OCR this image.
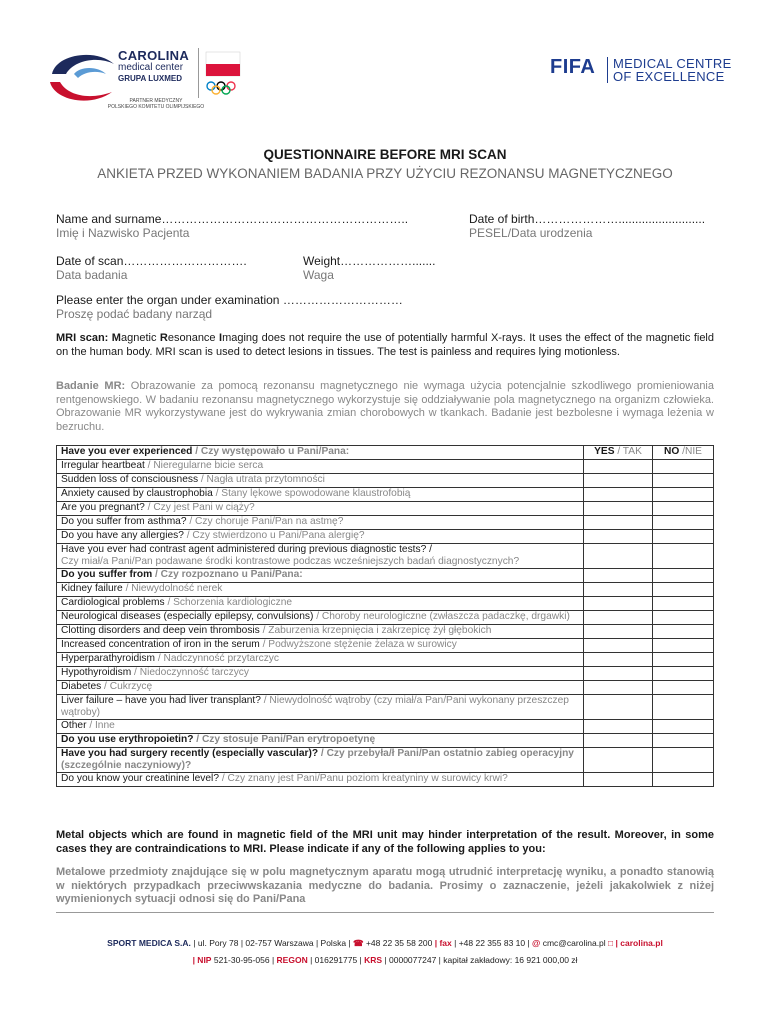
CAROLINA
medical center
GRUPA LUXMED
PARTNER MEDYCZNY
POLSKIEGO KOMITETU OLIMPIJSKIEGO
FIFA MEDICAL CENTRE
OF EXCELLENCE
QUESTIONNAIRE BEFORE MRI SCAN
ANKIETA PRZED WYKONANIEM BADANIA PRZY UŻYCIU REZONANSU MAGNETYCZNEGO
Name and surname……………………………………………………..
Imię i Nazwisko Pacjenta
Date of birth…………………..........................
PESEL/Data urodzenia
Date of scan………………………….
Data badania
Weight……………….......
Waga
Please enter the organ under examination …………………………
Proszę podać badany narząd
MRI scan: Magnetic Resonance Imaging does not require the use of potentially harmful X-rays. It uses the effect of the magnetic field on the human body. MRI scan is used to detect lesions in tissues. The test is painless and requires lying motionless.
Badanie MR: Obrazowanie za pomocą rezonansu magnetycznego nie wymaga użycia potencjalnie szkodliwego promieniowania rentgenowskiego. W badaniu rezonansu magnetycznego wykorzystuje się oddziaływanie pola magnetycznego na organizm człowieka. Obrazowanie MR wykorzystywane jest do wykrywania zmian chorobowych w tkankach. Badanie jest bezbolesne i wymaga leżenia w bezruchu.
Have you ever experienced / Czy występowało u Pani/Pana:	YES / TAK	NO /NIE
Irregular heartbeat / Nieregularne bicie serca		
Sudden loss of consciousness / Nagła utrata przytomności		
Anxiety caused by claustrophobia / Stany lękowe spowodowane klaustrofobią		
Are you pregnant? / Czy jest Pani w ciąży?		
Do you suffer from asthma? / Czy choruje Pani/Pan na astmę?		
Do you have any allergies? / Czy stwierdzono u Pani/Pana alergię?		
Have you ever had contrast agent administered during previous diagnostic tests? /
Czy miał/a Pani/Pan podawane środki kontrastowe podczas wcześniejszych badań diagnostycznych?		
Do you suffer from / Czy rozpoznano u Pani/Pana:		
Kidney failure / Niewydolność nerek		
Cardiological problems / Schorzenia kardiologiczne		
Neurological diseases (especially epilepsy, convulsions) / Choroby neurologiczne (zwłaszcza padaczkę, drgawki)		
Clotting disorders and deep vein thrombosis / Zaburzenia krzepnięcia i zakrzepicę żył głębokich		
Increased concentration of iron in the serum / Podwyższone stężenie żelaza w surowicy		
Hyperparathyroidism / Nadczynność przytarczyc		
Hypothyroidism / Niedoczynność tarczycy		
Diabetes / Cukrzycę		
Liver failure – have you had liver transplant? / Niewydolność wątroby (czy miał/a Pan/Pani wykonany przeszczep wątroby)		
Other / Inne		
Do you use erythropoietin? / Czy stosuje Pani/Pan erytropoetynę		
Have you had surgery recently (especially vascular)? / Czy przebyła/ł Pani/Pan ostatnio zabieg operacyjny (szczególnie naczyniowy)?		
Do you know your creatinine level? / Czy znany jest Pani/Panu poziom kreatyniny w surowicy krwi?		
Metal objects which are found in magnetic field of the MRI unit may hinder interpretation of the result. Moreover, in some cases they are contraindications to MRI. Please indicate if any of the following applies to you:
Metalowe przedmioty znajdujące się w polu magnetycznym aparatu mogą utrudnić interpretację wyniku, a ponadto stanowią w niektórych przypadkach przeciwwskazania medyczne do badania. Prosimy o zaznaczenie, jeżeli jakakolwiek z niżej wymienionych sytuacji odnosi się do Pani/Pana
SPORT MEDICA S.A. | ul. Pory 78 | 02-757 Warszawa | Polska | ☎ +48 22 35 58 200 | fax | +48 22 355 83 10 | @ cmc@carolina.pl □ | carolina.pl
| NIP 521-30-95-056 | REGON | 016291775 | KRS | 0000077247 | kapitał zakładowy: 16 921 000,00 zł
